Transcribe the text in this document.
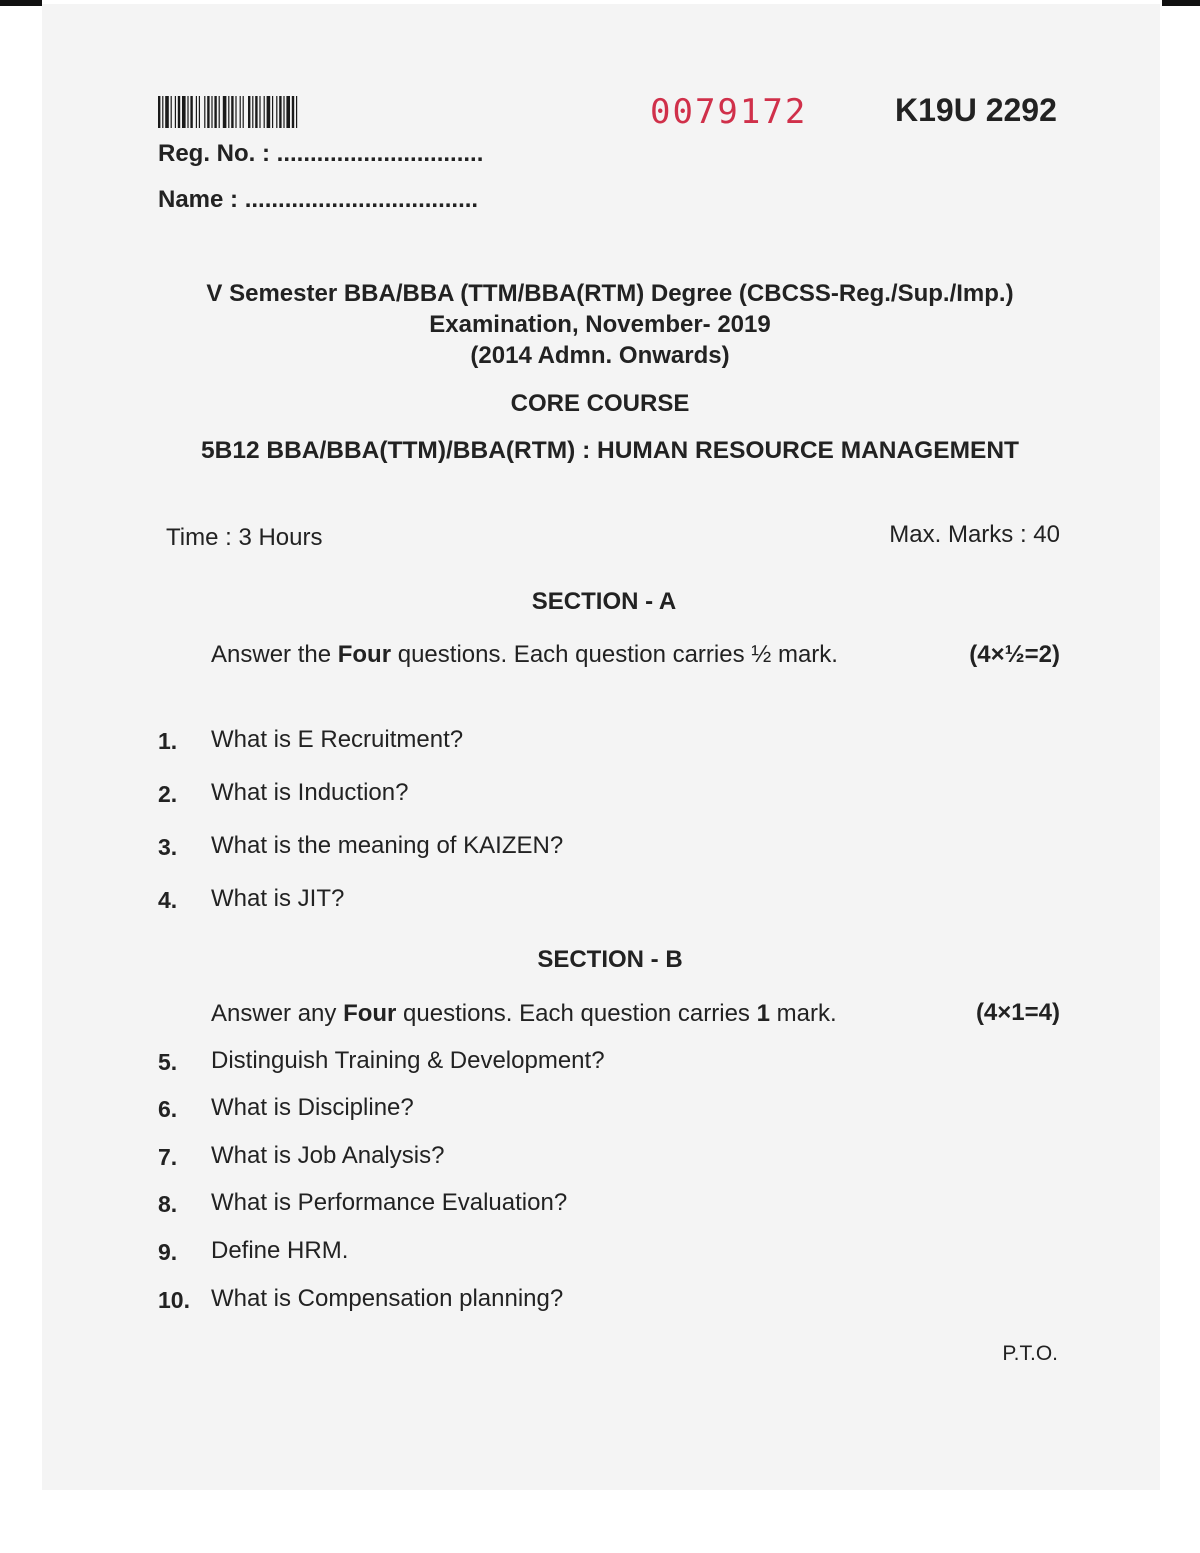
0079172	K19U 2292
Reg. No. : ...............................
Name : ...................................
V Semester BBA/BBA (TTM/BBA(RTM) Degree (CBCSS-Reg./Sup./Imp.)
Examination, November- 2019
(2014 Admn. Onwards)
CORE COURSE
5B12 BBA/BBA(TTM)/BBA(RTM) : HUMAN RESOURCE MANAGEMENT
Time : 3 Hours	Max. Marks : 40
SECTION - A
Answer the Four questions. Each question carries ½ mark.	(4×½=2)
1. What is E Recruitment?
2. What is Induction?
3. What is the meaning of KAIZEN?
4. What is JIT?
SECTION - B
Answer any Four questions. Each question carries 1 mark.	(4×1=4)
5. Distinguish Training & Development?
6. What is Discipline?
7. What is Job Analysis?
8. What is Performance Evaluation?
9. Define HRM.
10. What is Compensation planning?
P.T.O.
